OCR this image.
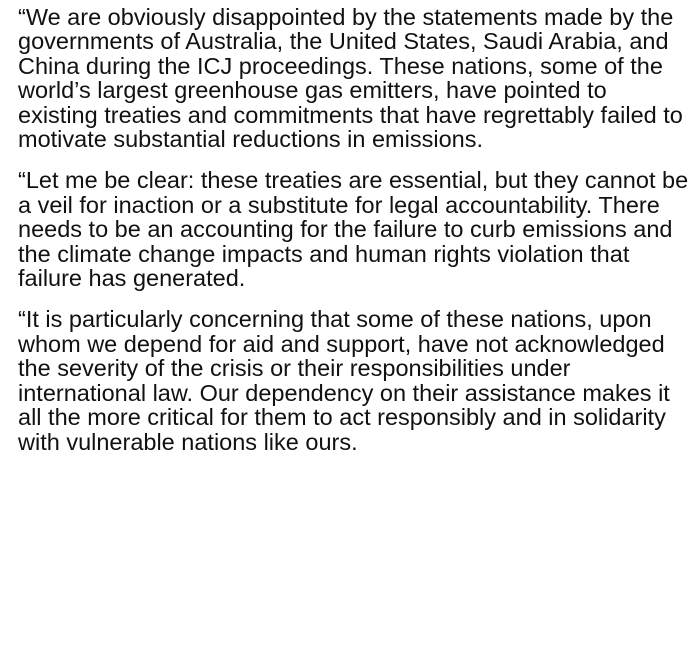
“We are obviously disappointed by the statements made by the governments of Australia, the United States, Saudi Arabia, and China during the ICJ proceedings. These nations, some of the world’s largest greenhouse gas emitters, have pointed to existing treaties and commitments that have regrettably failed to motivate substantial reductions in emissions.

“Let me be clear: these treaties are essential, but they cannot be a veil for inaction or a substitute for legal accountability. There needs to be an accounting for the failure to curb emissions and the climate change impacts and human rights violation that failure has generated.

“It is particularly concerning that some of these nations, upon whom we depend for aid and support, have not acknowledged the severity of the crisis or their responsibilities under international law. Our dependency on their assistance makes it all the more critical for them to act responsibly and in solidarity with vulnerable nations like ours.
